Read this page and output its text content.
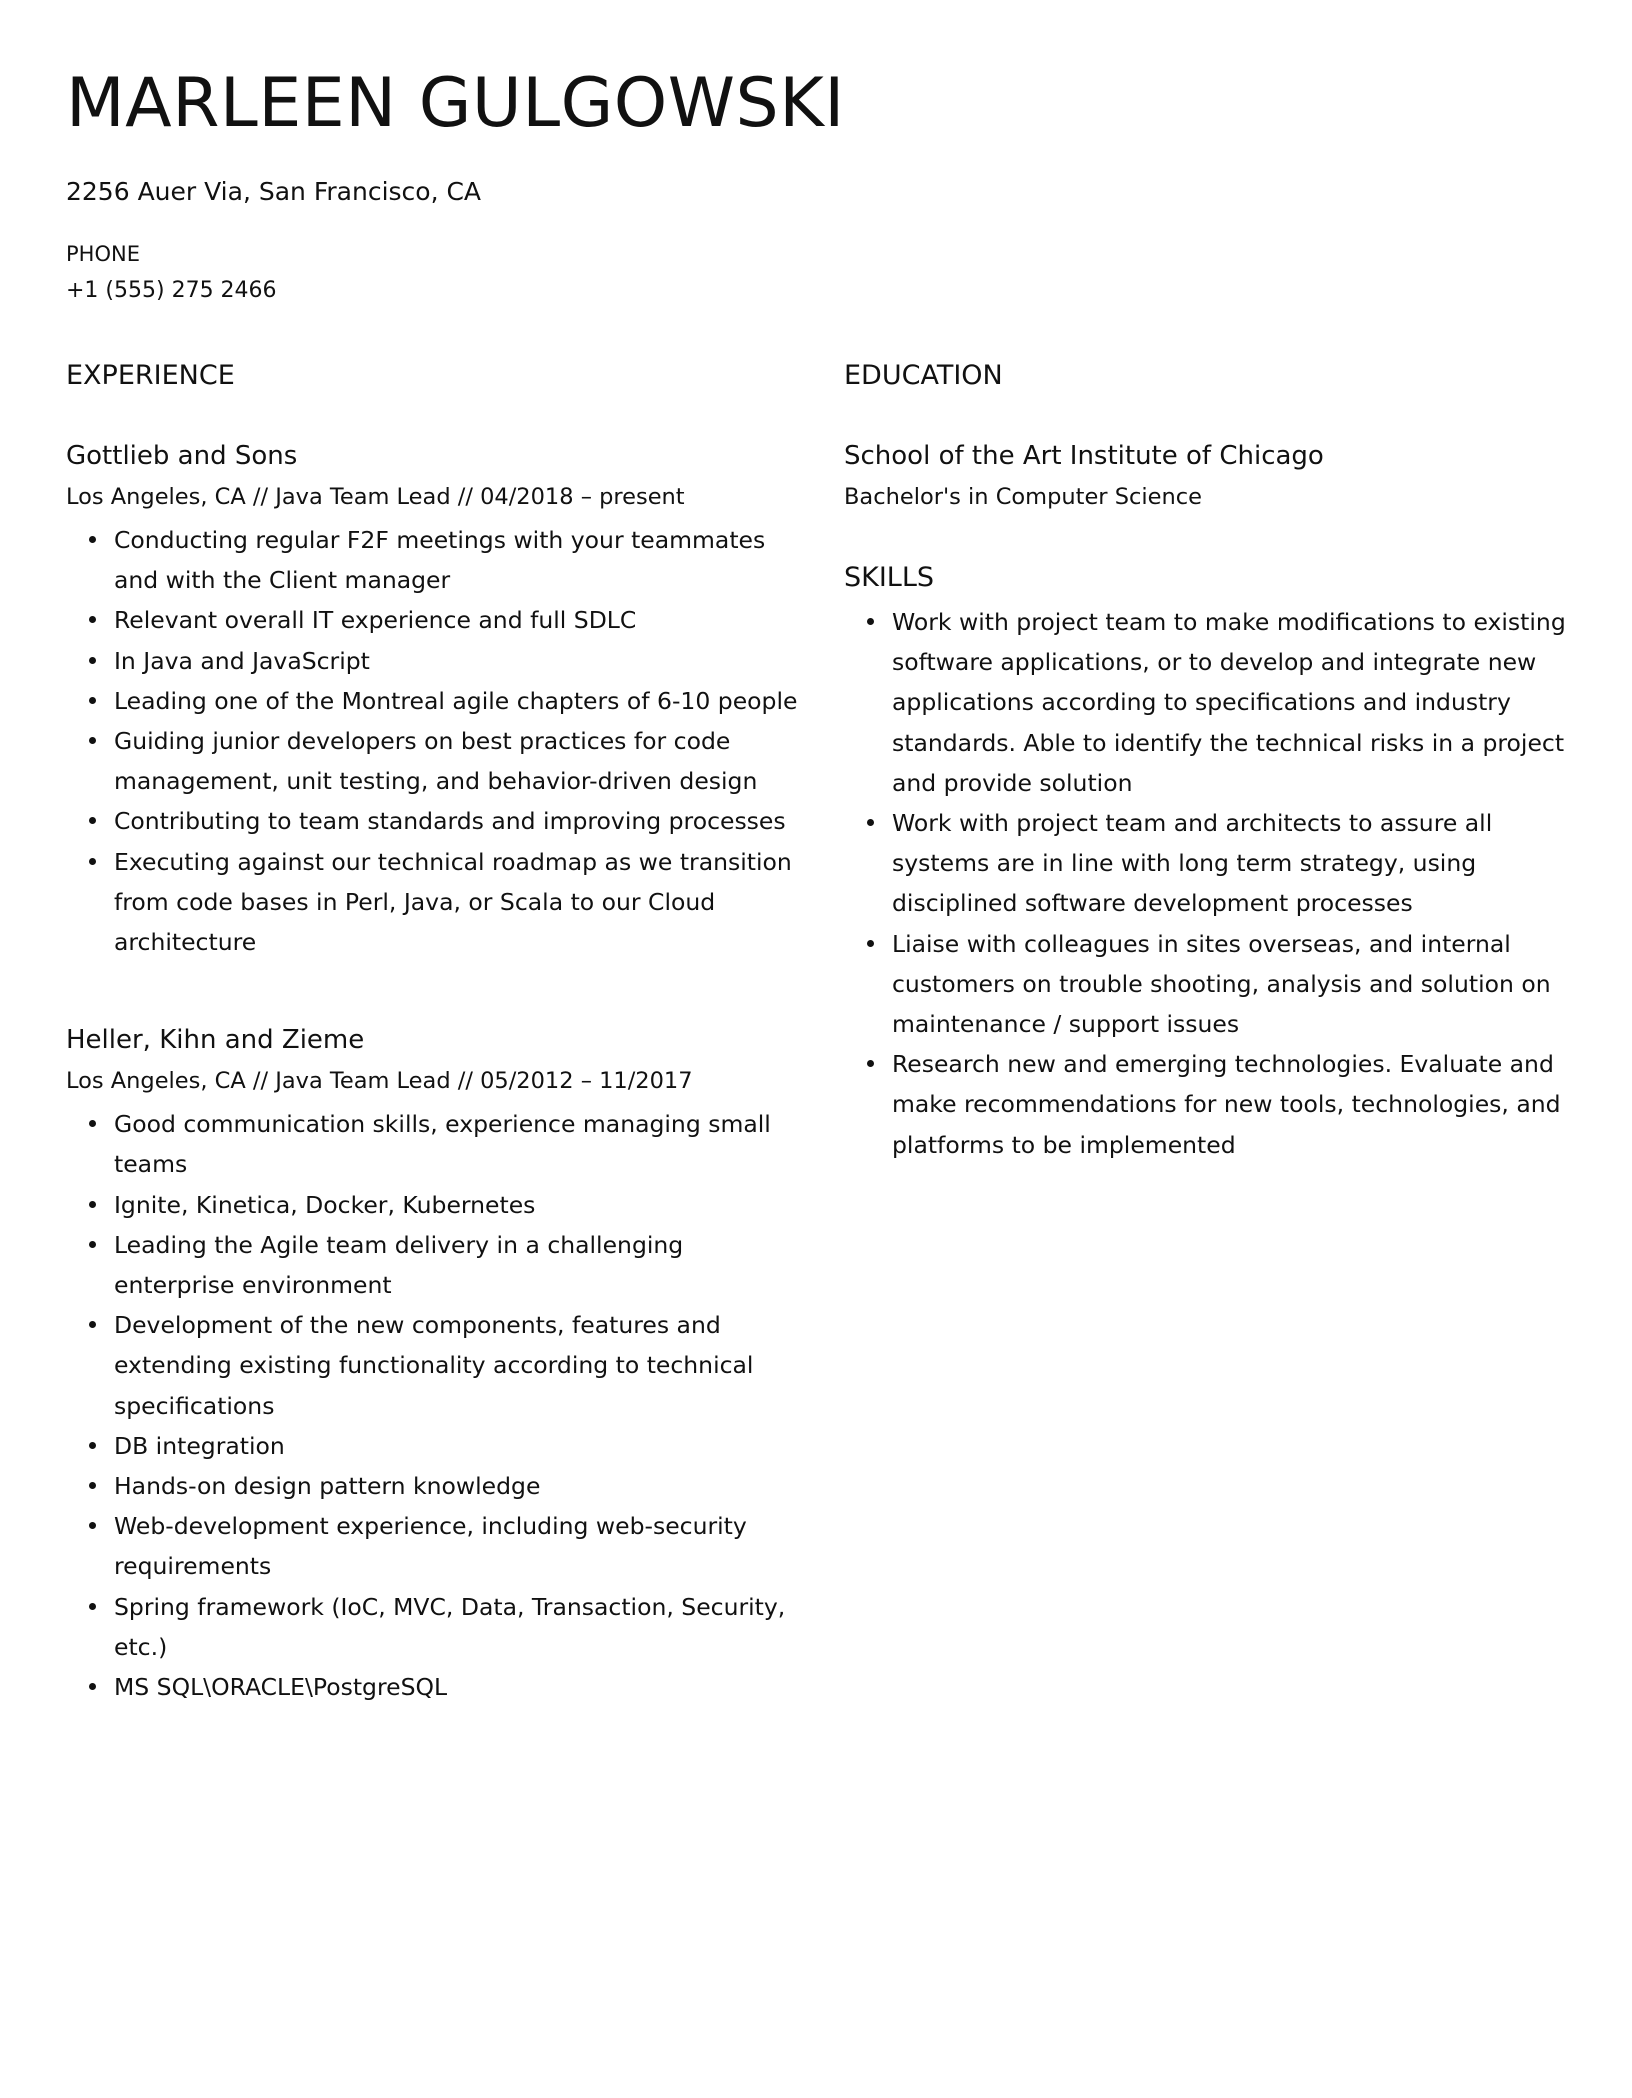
MARLEEN GULGOWSKI
2256 Auer Via, San Francisco, CA
PHONE
+1 (555) 275 2466
EXPERIENCE
Gottlieb and Sons
Los Angeles, CA // Java Team Lead // 04/2018 – present
Conducting regular F2F meetings with your teammates and with the Client manager
Relevant overall IT experience and full SDLC
In Java and JavaScript
Leading one of the Montreal agile chapters of 6-10 people
Guiding junior developers on best practices for code management, unit testing, and behavior-driven design
Contributing to team standards and improving processes
Executing against our technical roadmap as we transition from code bases in Perl, Java, or Scala to our Cloud architecture
Heller, Kihn and Zieme
Los Angeles, CA // Java Team Lead // 05/2012 – 11/2017
Good communication skills, experience managing small teams
Ignite, Kinetica, Docker, Kubernetes
Leading the Agile team delivery in a challenging enterprise environment
Development of the new components, features and extending existing functionality according to technical specifications
DB integration
Hands-on design pattern knowledge
Web-development experience, including web-security requirements
Spring framework (IoC, MVC, Data, Transaction, Security, etc.)
MS SQL\ORACLE\PostgreSQL
EDUCATION
School of the Art Institute of Chicago
Bachelor's in Computer Science
SKILLS
Work with project team to make modifications to existing software applications, or to develop and integrate new applications according to specifications and industry standards. Able to identify the technical risks in a project and provide solution
Work with project team and architects to assure all systems are in line with long term strategy, using disciplined software development processes
Liaise with colleagues in sites overseas, and internal customers on trouble shooting, analysis and solution on maintenance / support issues
Research new and emerging technologies. Evaluate and make recommendations for new tools, technologies, and platforms to be implemented
